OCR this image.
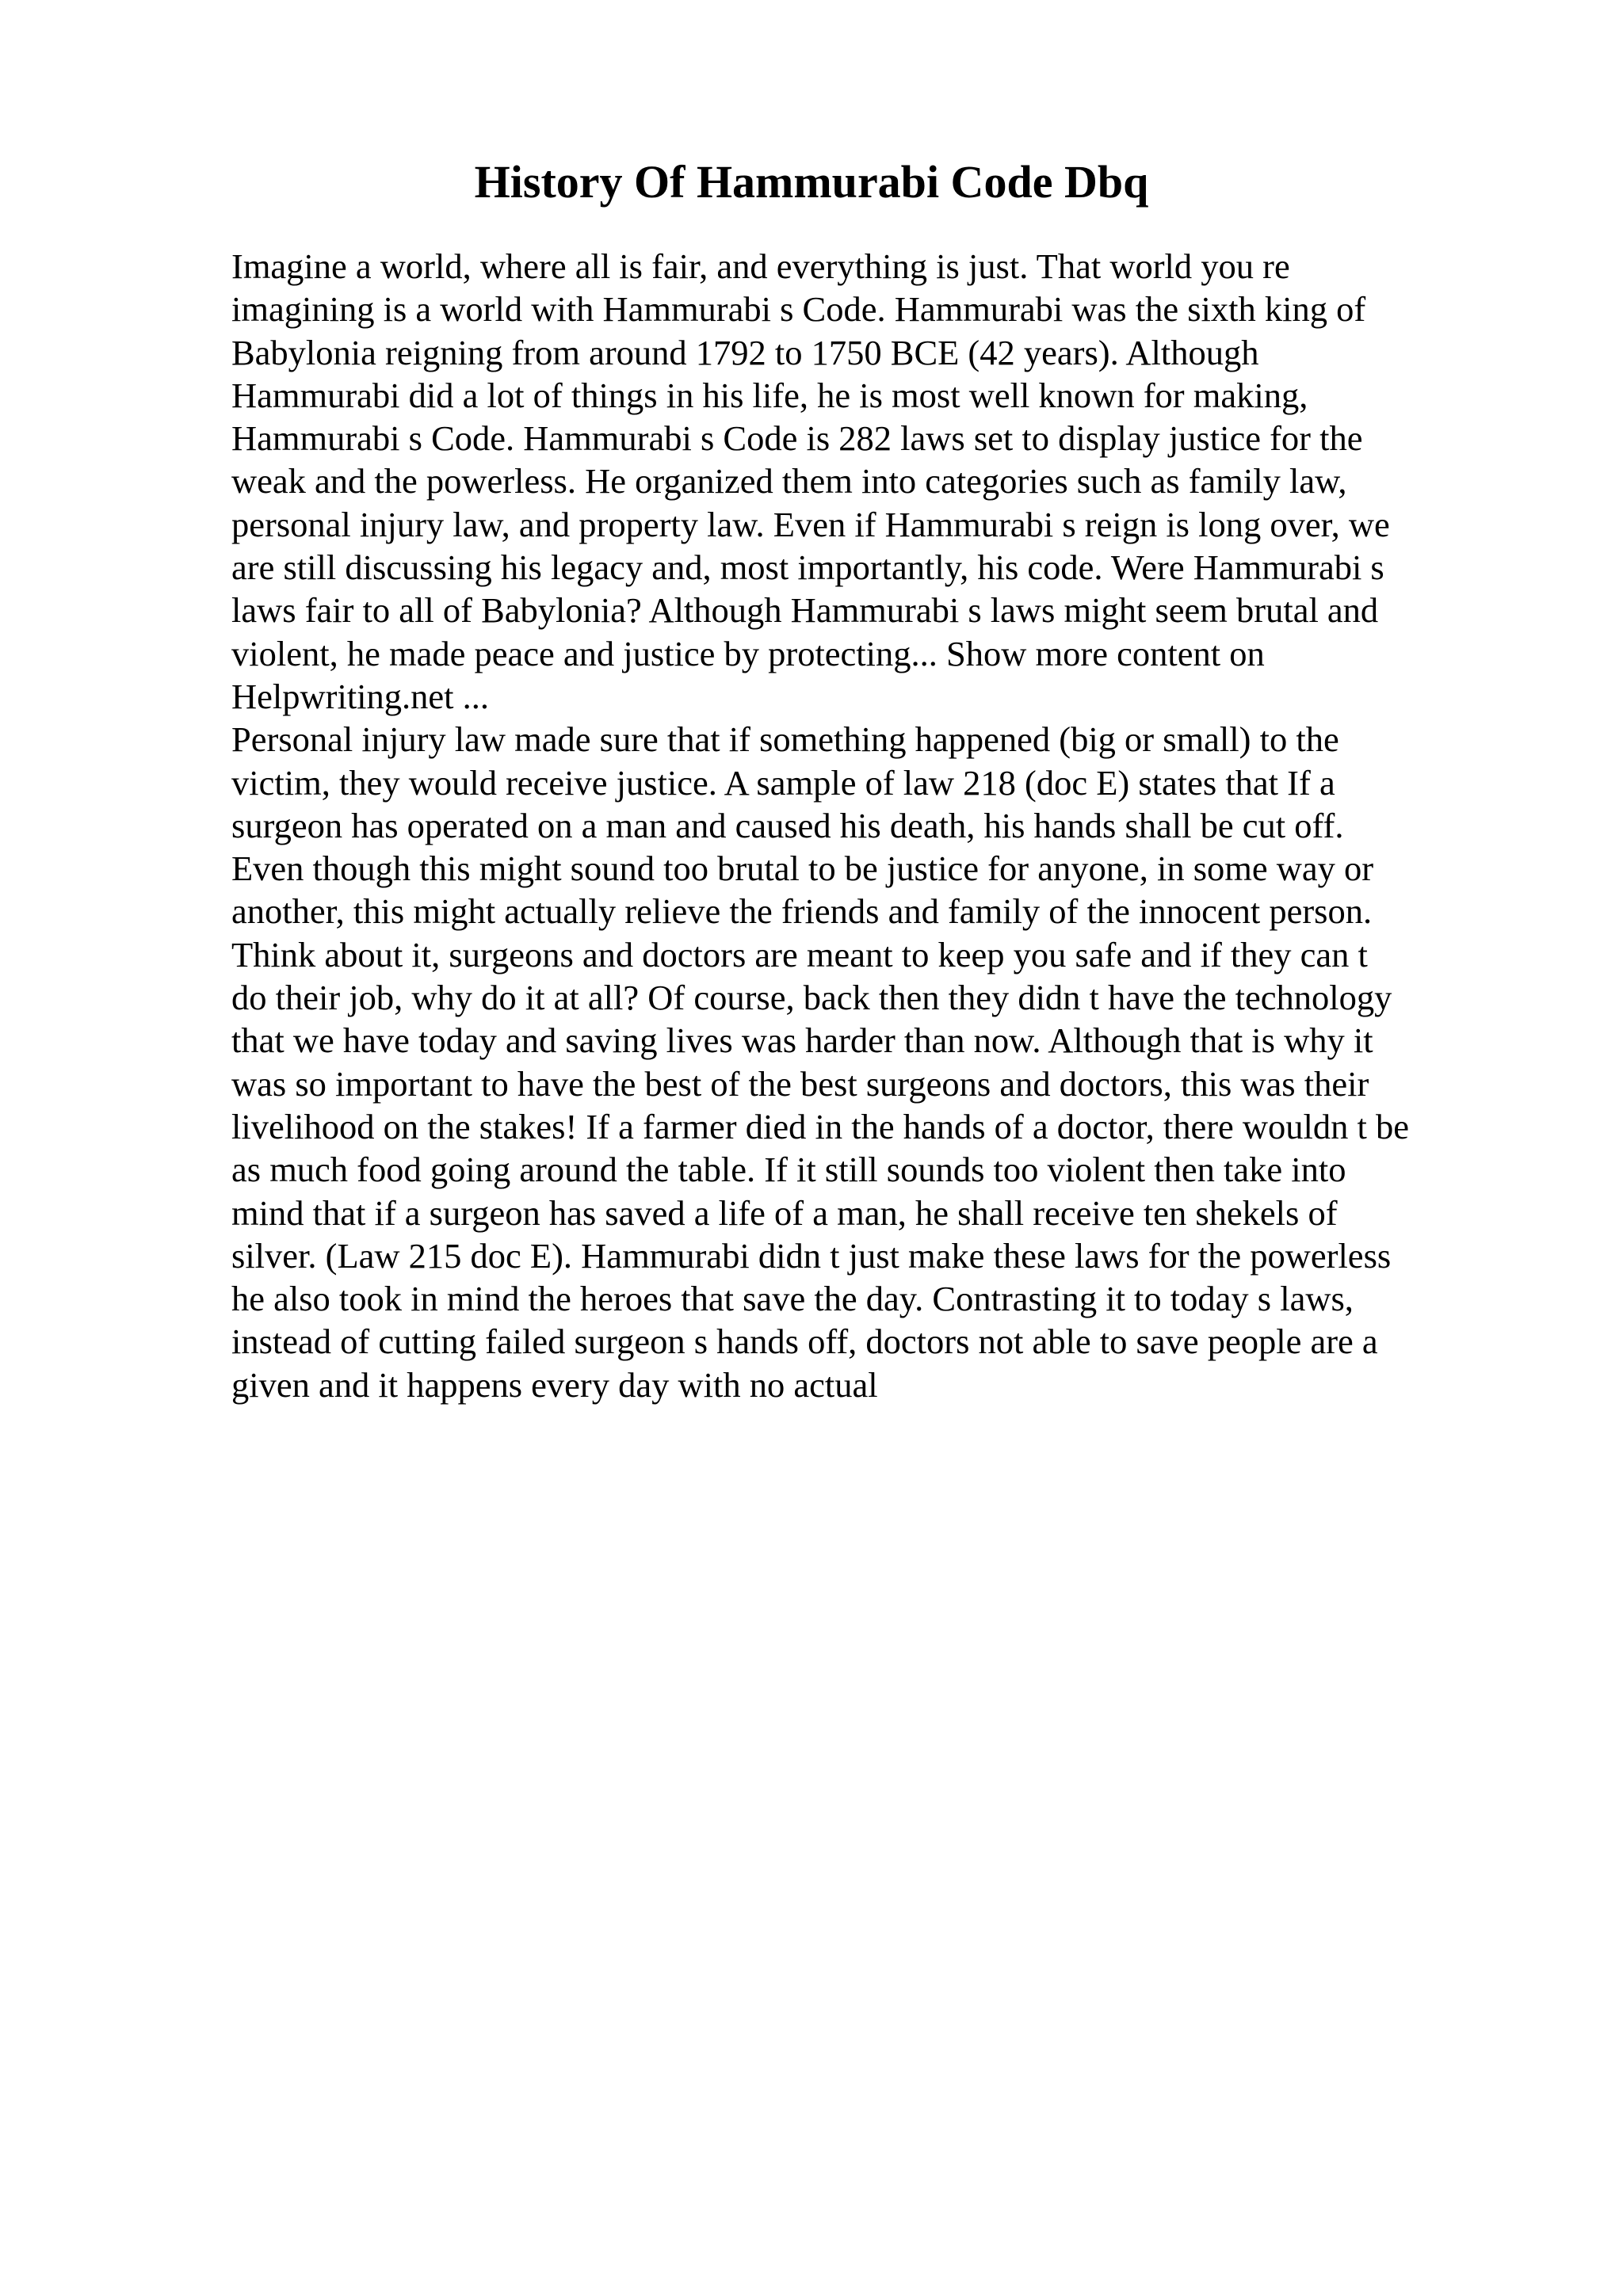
History Of Hammurabi Code Dbq
Imagine a world, where all is fair, and everything is just. That world you re
imagining is a world with Hammurabi s Code. Hammurabi was the sixth king of
Babylonia reigning from around 1792 to 1750 BCE (42 years). Although
Hammurabi did a lot of things in his life, he is most well known for making,
Hammurabi s Code. Hammurabi s Code is 282 laws set to display justice for the
weak and the powerless. He organized them into categories such as family law,
personal injury law, and property law. Even if Hammurabi s reign is long over, we
are still discussing his legacy and, most importantly, his code. Were Hammurabi s
laws fair to all of Babylonia? Although Hammurabi s laws might seem brutal and
violent, he made peace and justice by protecting... Show more content on
Helpwriting.net ...
Personal injury law made sure that if something happened (big or small) to the
victim, they would receive justice. A sample of law 218 (doc E) states that If a
surgeon has operated on a man and caused his death, his hands shall be cut off.
Even though this might sound too brutal to be justice for anyone, in some way or
another, this might actually relieve the friends and family of the innocent person.
Think about it, surgeons and doctors are meant to keep you safe and if they can t
do their job, why do it at all? Of course, back then they didn t have the technology
that we have today and saving lives was harder than now. Although that is why it
was so important to have the best of the best surgeons and doctors, this was their
livelihood on the stakes! If a farmer died in the hands of a doctor, there wouldn t be
as much food going around the table. If it still sounds too violent then take into
mind that if a surgeon has saved a life of a man, he shall receive ten shekels of
silver. (Law 215 doc E). Hammurabi didn t just make these laws for the powerless
he also took in mind the heroes that save the day. Contrasting it to today s laws,
instead of cutting failed surgeon s hands off, doctors not able to save people are a
given and it happens every day with no actual
